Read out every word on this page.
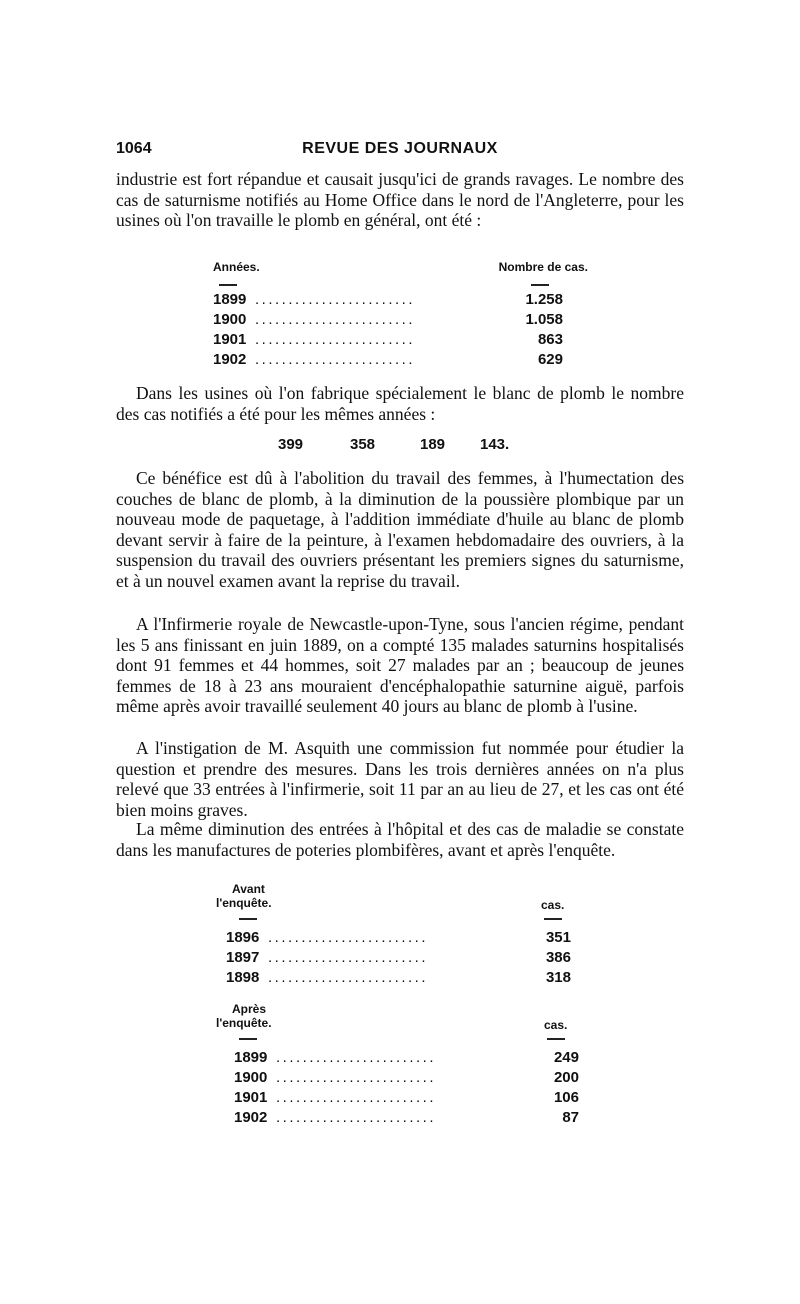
1064	REVUE DES JOURNAUX

industrie est fort répandue et causait jusqu'ici de grands ravages. Le nombre des cas de saturnisme notifiés au Home Office dans le nord de l'Angleterre, pour les usines où l'on travaille le plomb en général, ont été :

Années.	Nombre de cas.
1899 ........................	1.258
1900 ........................	1.058
1901 ........................	863
1902 ........................	629

Dans les usines où l'on fabrique spécialement le blanc de plomb le nombre des cas notifiés a été pour les mêmes années :

399	358	189 143.

Ce bénéfice est dû à l'abolition du travail des femmes, à l'humectation des couches de blanc de plomb, à la diminution de la poussière plombique par un nouveau mode de paquetage, à l'addition immédiate d'huile au blanc de plomb devant servir à faire de la peinture, à l'examen hebdomadaire des ouvriers, à la suspension du travail des ouvriers présentant les premiers signes du saturnisme, et à un nouvel examen avant la reprise du travail.

A l'Infirmerie royale de Newcastle-upon-Tyne, sous l'ancien régime, pendant les 5 ans finissant en juin 1889, on a compté 135 malades saturnins hospitalisés dont 91 femmes et 44 hommes, soit 27 malades par an ; beaucoup de jeunes femmes de 18 à 23 ans mouraient d'encéphalopathie saturnine aiguë, parfois même après avoir travaillé seulement 40 jours au blanc de plomb à l'usine.

A l'instigation de M. Asquith une commission fut nommée pour étudier la question et prendre des mesures. Dans les trois dernières années on n'a plus relevé que 33 entrées à l'infirmerie, soit 11 par an au lieu de 27, et les cas ont été bien moins graves.

La même diminution des entrées à l'hôpital et des cas de maladie se constate dans les manufactures de poteries plombifères, avant et après l'enquête.

Avant
l'enquête.	cas.
1896 ........................	351
1897 ........................	386
1898 ........................	318
Après
l'enquête.	cas.
1899 ........................	249
1900 ........................	200
1901 ........................	106
1902 ........................	87
